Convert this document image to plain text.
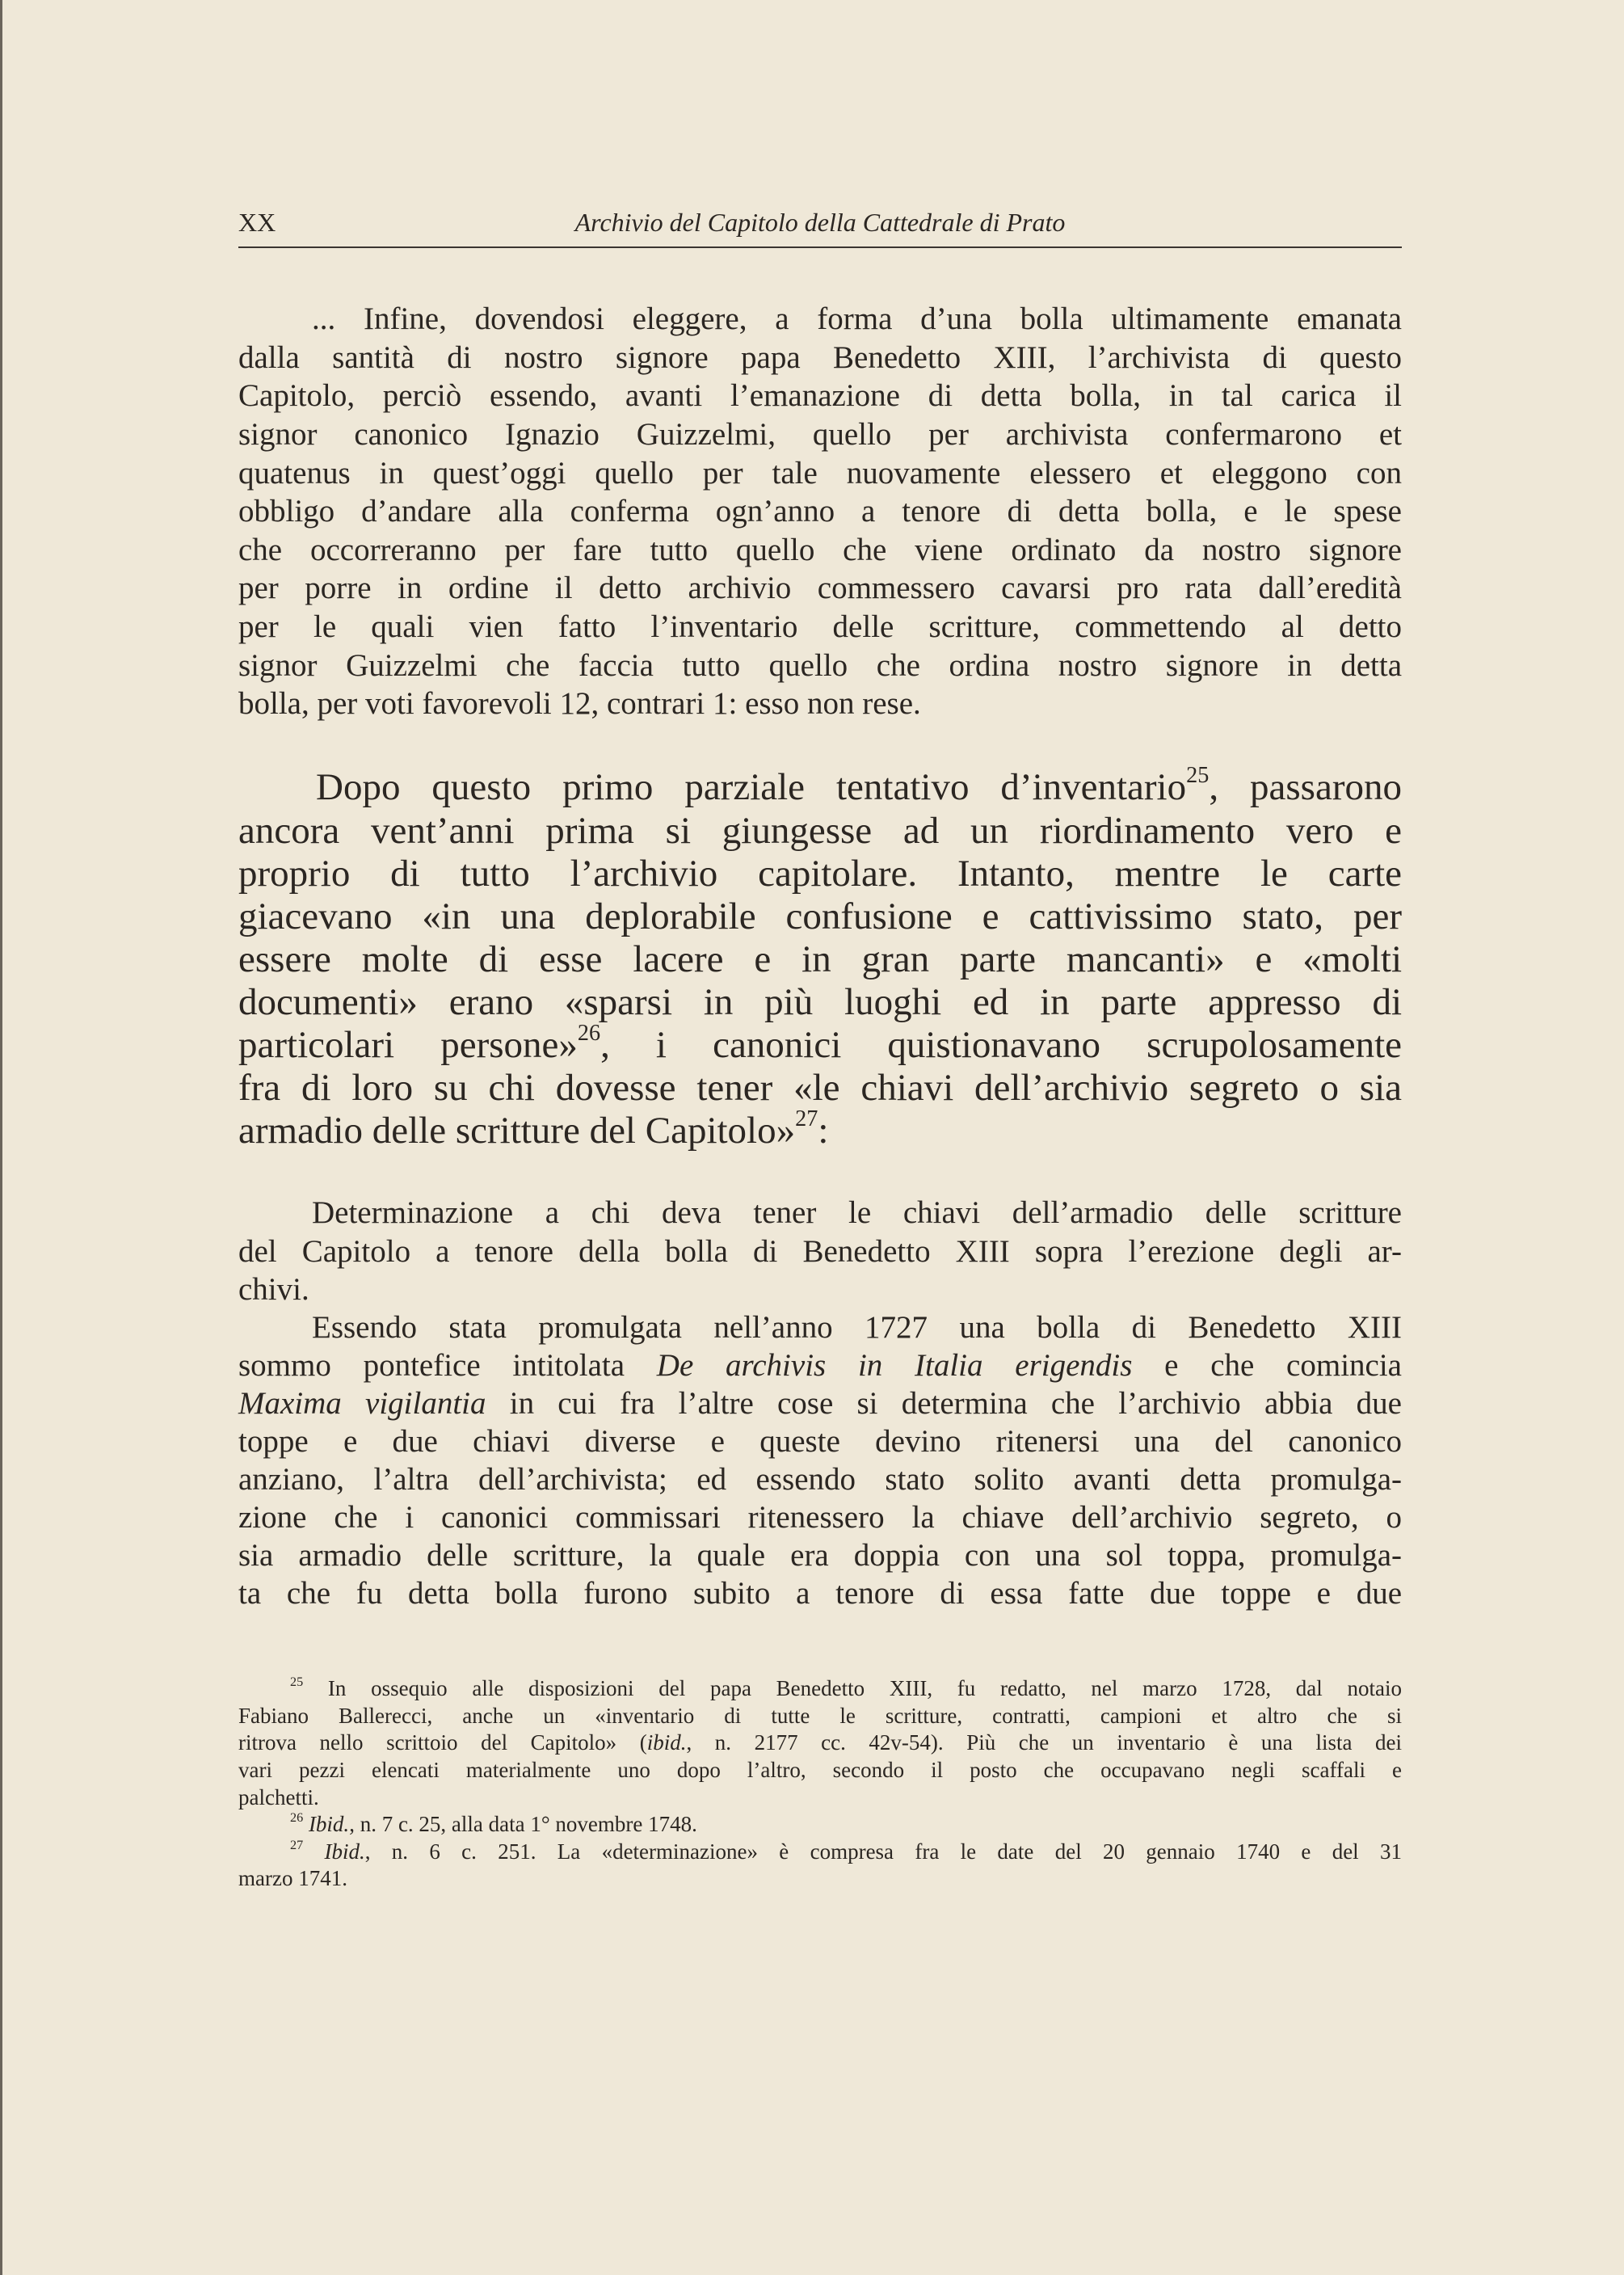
XX	Archivio del Capitolo della Cattedrale di Prato
... Infine, dovendosi eleggere, a forma d’una bolla ultimamente emanata
dalla santità di nostro signore papa Benedetto XIII, l’archivista di questo
Capitolo, perciò essendo, avanti l’emanazione di detta bolla, in tal carica il
signor canonico Ignazio Guizzelmi, quello per archivista confermarono et
quatenus in quest’oggi quello per tale nuovamente elessero et eleggono con
obbligo d’andare alla conferma ogn’anno a tenore di detta bolla, e le spese
che occorreranno per fare tutto quello che viene ordinato da nostro signore
per porre in ordine il detto archivio commessero cavarsi pro rata dall’eredità
per le quali vien fatto l’inventario delle scritture, commettendo al detto
signor Guizzelmi che faccia tutto quello che ordina nostro signore in detta
bolla, per voti favorevoli 12, contrari 1: esso non rese.
Dopo questo primo parziale tentativo d’inventario$^{25}$, passarono
ancora vent’anni prima si giungesse ad un riordinamento vero e
proprio di tutto l’archivio capitolare. Intanto, mentre le carte
giacevano «in una deplorabile confusione e cattivissimo stato, per
essere molte di esse lacere e in gran parte mancanti» e «molti
documenti» erano «sparsi in più luoghi ed in parte appresso di
particolari persone»$^{26}$, i canonici quistionavano scrupolosamente
fra di loro su chi dovesse tener «le chiavi dell’archivio segreto o sia
armadio delle scritture del Capitolo»$^{27}$:
Determinazione a chi deva tener le chiavi dell’armadio delle scritture
del Capitolo a tenore della bolla di Benedetto XIII sopra l’erezione degli ar-
chivi.
Essendo stata promulgata nell’anno 1727 una bolla di Benedetto XIII
sommo pontefice intitolata De archivis in Italia erigendis e che comincia
Maxima vigilantia in cui fra l’altre cose si determina che l’archivio abbia due
toppe e due chiavi diverse e queste devino ritenersi una del canonico
anziano, l’altra dell’archivista; ed essendo stato solito avanti detta promulga-
zione che i canonici commissari ritenessero la chiave dell’archivio segreto, o
sia armadio delle scritture, la quale era doppia con una sol toppa, promulga-
ta che fu detta bolla furono subito a tenore di essa fatte due toppe e due
$^{25}$ In ossequio alle disposizioni del papa Benedetto XIII, fu redatto, nel marzo 1728, dal notaio
Fabiano Ballerecci, anche un «inventario di tutte le scritture, contratti, campioni et altro che si
ritrova nello scrittoio del Capitolo» (ibid., n. 2177 cc. 42v-54). Più che un inventario è una lista dei
vari pezzi elencati materialmente uno dopo l’altro, secondo il posto che occupavano negli scaffali e
palchetti.
$^{26}$ Ibid., n. 7 c. 25, alla data 1° novembre 1748.
$^{27}$ Ibid., n. 6 c. 251. La «determinazione» è compresa fra le date del 20 gennaio 1740 e del 31
marzo 1741.
